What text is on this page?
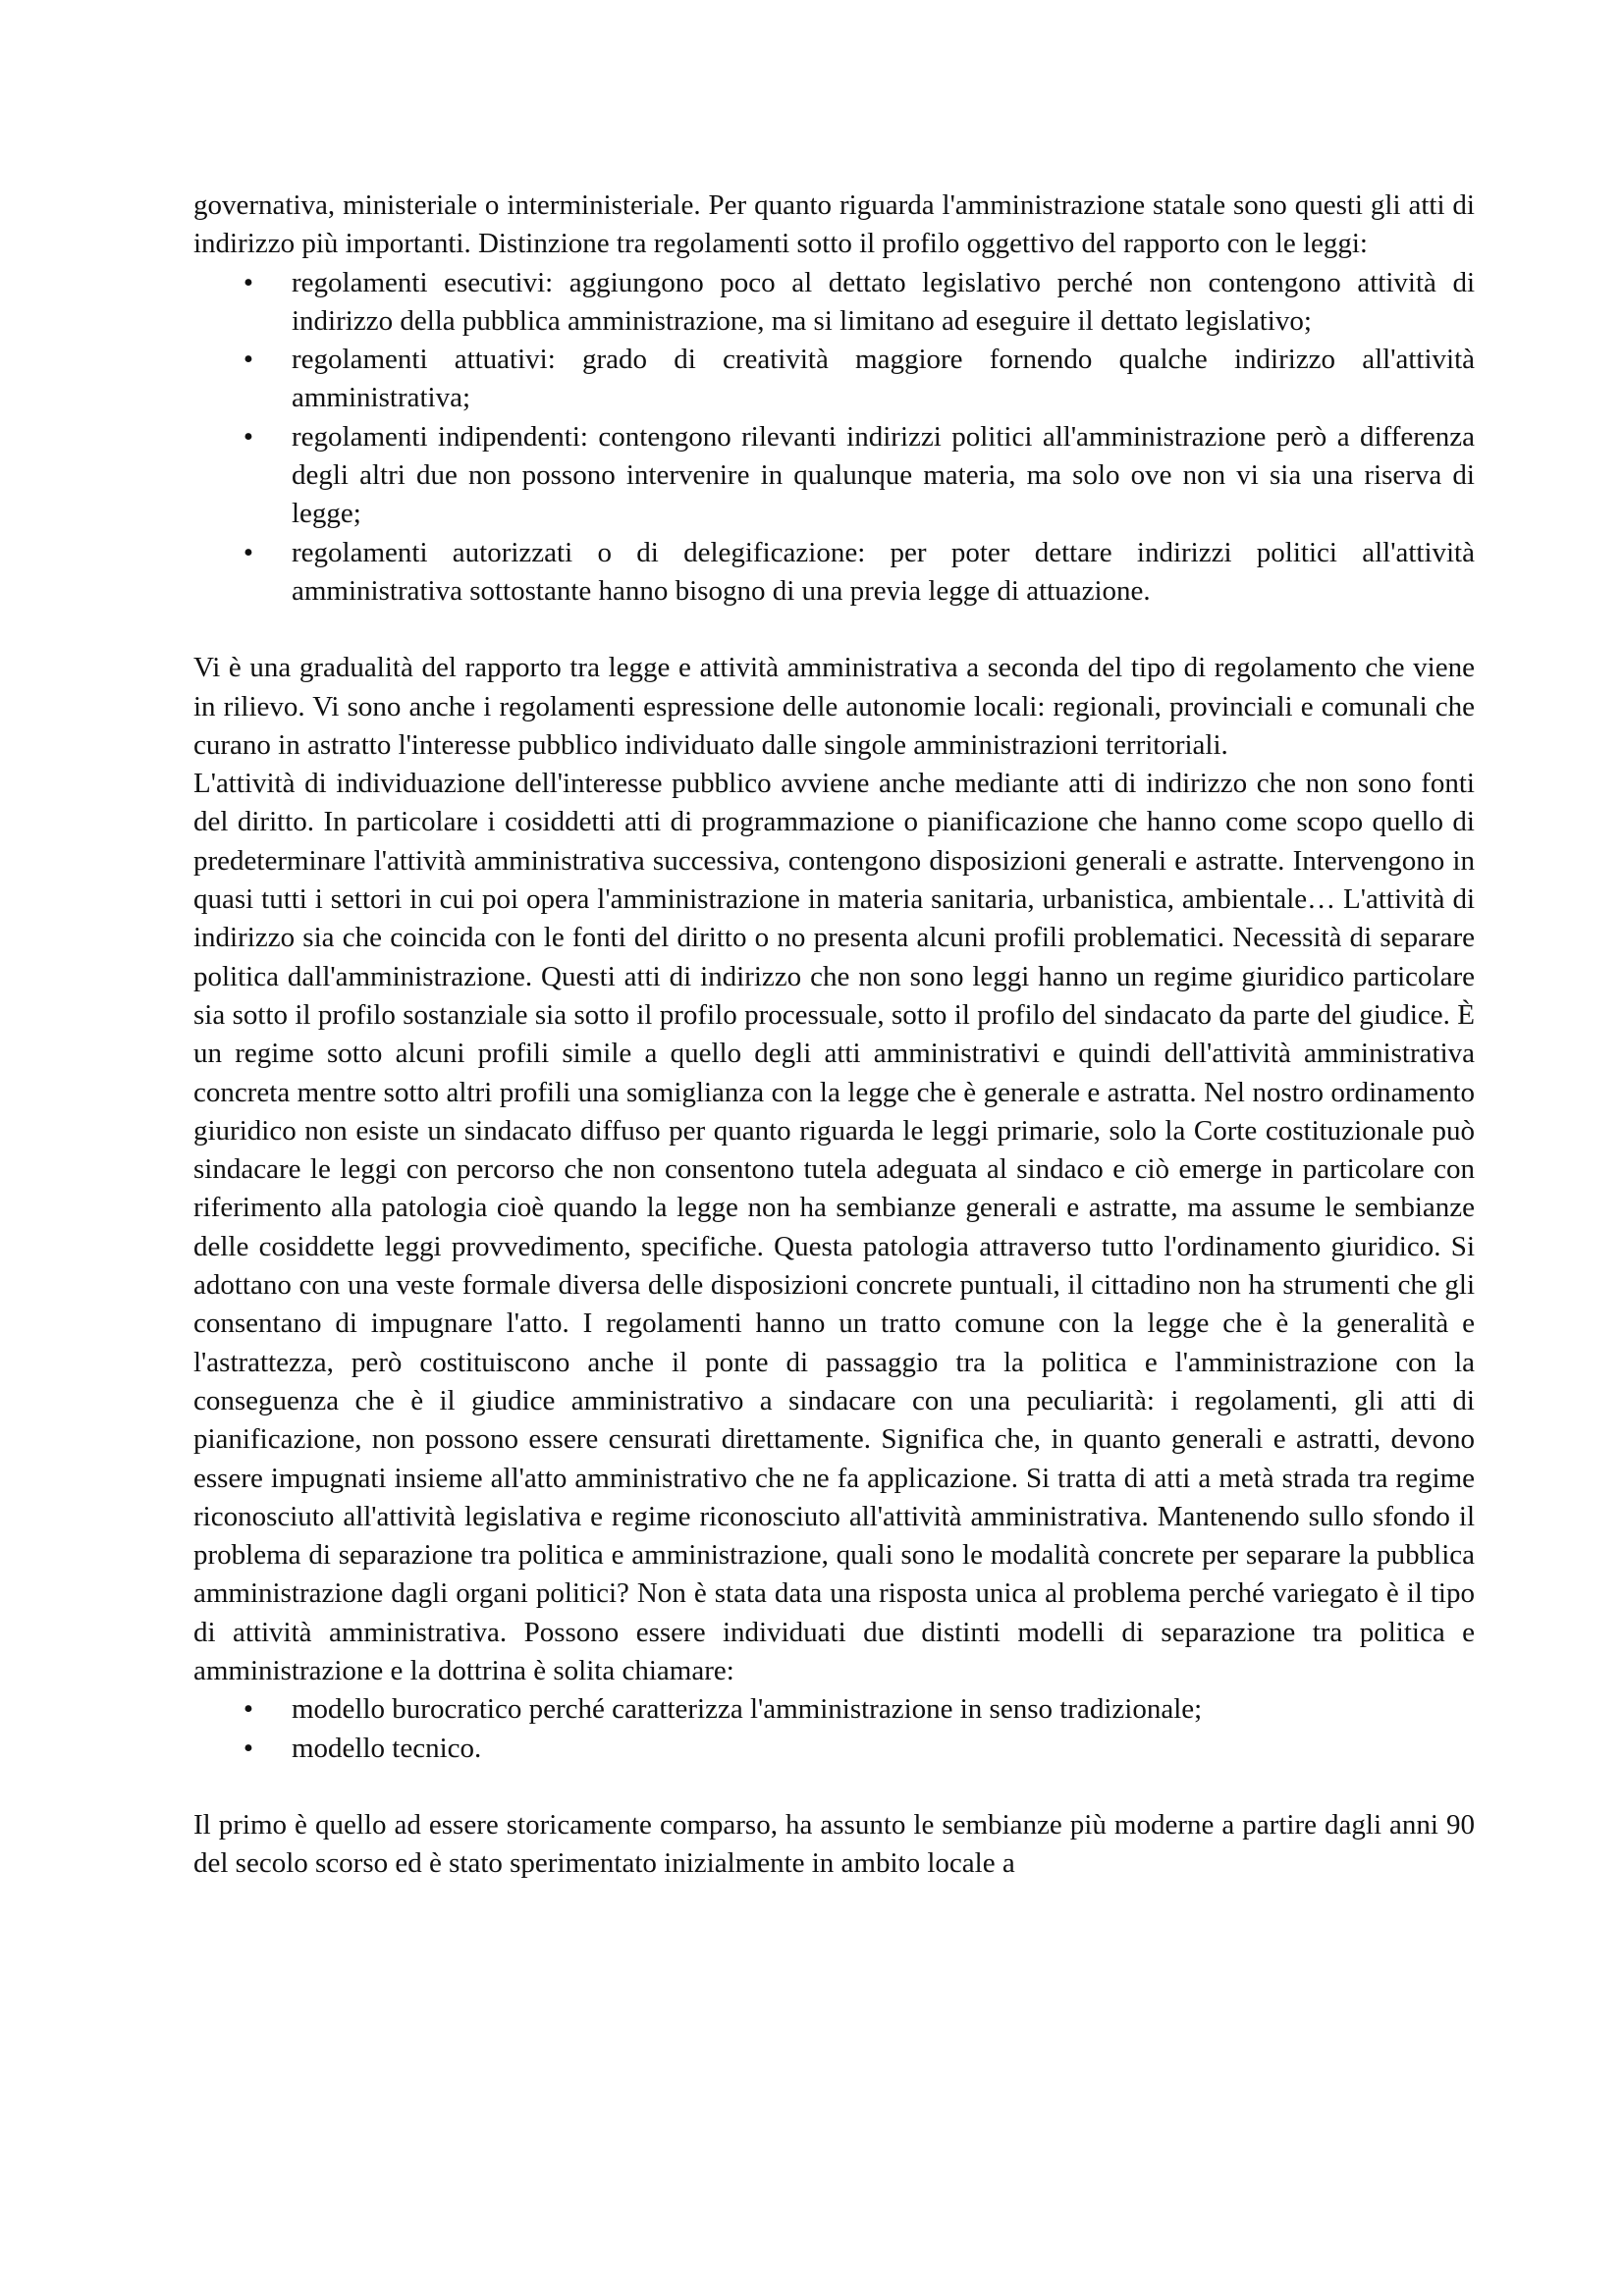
governativa, ministeriale o interministeriale. Per quanto riguarda l'amministrazione statale sono questi gli atti di indirizzo più importanti. Distinzione tra regolamenti sotto il profilo oggettivo del rapporto con le leggi:

• regolamenti esecutivi: aggiungono poco al dettato legislativo perché non contengono attività di indirizzo della pubblica amministrazione, ma si limitano ad eseguire il dettato legislativo;
• regolamenti attuativi: grado di creatività maggiore fornendo qualche indirizzo all'attività amministrativa;
• regolamenti indipendenti: contengono rilevanti indirizzi politici all'amministrazione però a differenza degli altri due non possono intervenire in qualunque materia, ma solo ove non vi sia una riserva di legge;
• regolamenti autorizzati o di delegificazione: per poter dettare indirizzi politici all'attività amministrativa sottostante hanno bisogno di una previa legge di attuazione.

Vi è una gradualità del rapporto tra legge e attività amministrativa a seconda del tipo di regolamento che viene in rilievo. Vi sono anche i regolamenti espressione delle autonomie locali: regionali, provinciali e comunali che curano in astratto l'interesse pubblico individuato dalle singole amministrazioni territoriali.

L'attività di individuazione dell'interesse pubblico avviene anche mediante atti di indirizzo che non sono fonti del diritto. In particolare i cosiddetti atti di programmazione o pianificazione che hanno come scopo quello di predeterminare l'attività amministrativa successiva, contengono disposizioni generali e astratte. Intervengono in quasi tutti i settori in cui poi opera l'amministrazione in materia sanitaria, urbanistica, ambientale… L'attività di indirizzo sia che coincida con le fonti del diritto o no presenta alcuni profili problematici. Necessità di separare politica dall'amministrazione. Questi atti di indirizzo che non sono leggi hanno un regime giuridico particolare sia sotto il profilo sostanziale sia sotto il profilo processuale, sotto il profilo del sindacato da parte del giudice. È un regime sotto alcuni profili simile a quello degli atti amministrativi e quindi dell'attività amministrativa concreta mentre sotto altri profili una somiglianza con la legge che è generale e astratta. Nel nostro ordinamento giuridico non esiste un sindacato diffuso per quanto riguarda le leggi primarie, solo la Corte costituzionale può sindacare le leggi con percorso che non consentono tutela adeguata al sindaco e ciò emerge in particolare con riferimento alla patologia cioè quando la legge non ha sembianze generali e astratte, ma assume le sembianze delle cosiddette leggi provvedimento, specifiche. Questa patologia attraverso tutto l'ordinamento giuridico. Si adottano con una veste formale diversa delle disposizioni concrete puntuali, il cittadino non ha strumenti che gli consentano di impugnare l'atto. I regolamenti hanno un tratto comune con la legge che è la generalità e l'astrattezza, però costituiscono anche il ponte di passaggio tra la politica e l'amministrazione con la conseguenza che è il giudice amministrativo a sindacare con una peculiarità: i regolamenti, gli atti di pianificazione, non possono essere censurati direttamente. Significa che, in quanto generali e astratti, devono essere impugnati insieme all'atto amministrativo che ne fa applicazione. Si tratta di atti a metà strada tra regime riconosciuto all'attività legislativa e regime riconosciuto all'attività amministrativa. Mantenendo sullo sfondo il problema di separazione tra politica e amministrazione, quali sono le modalità concrete per separare la pubblica amministrazione dagli organi politici? Non è stata data una risposta unica al problema perché variegato è il tipo di attività amministrativa. Possono essere individuati due distinti modelli di separazione tra politica e amministrazione e la dottrina è solita chiamare:

• modello burocratico perché caratterizza l'amministrazione in senso tradizionale;
• modello tecnico.

Il primo è quello ad essere storicamente comparso, ha assunto le sembianze più moderne a partire dagli anni 90 del secolo scorso ed è stato sperimentato inizialmente in ambito locale a
